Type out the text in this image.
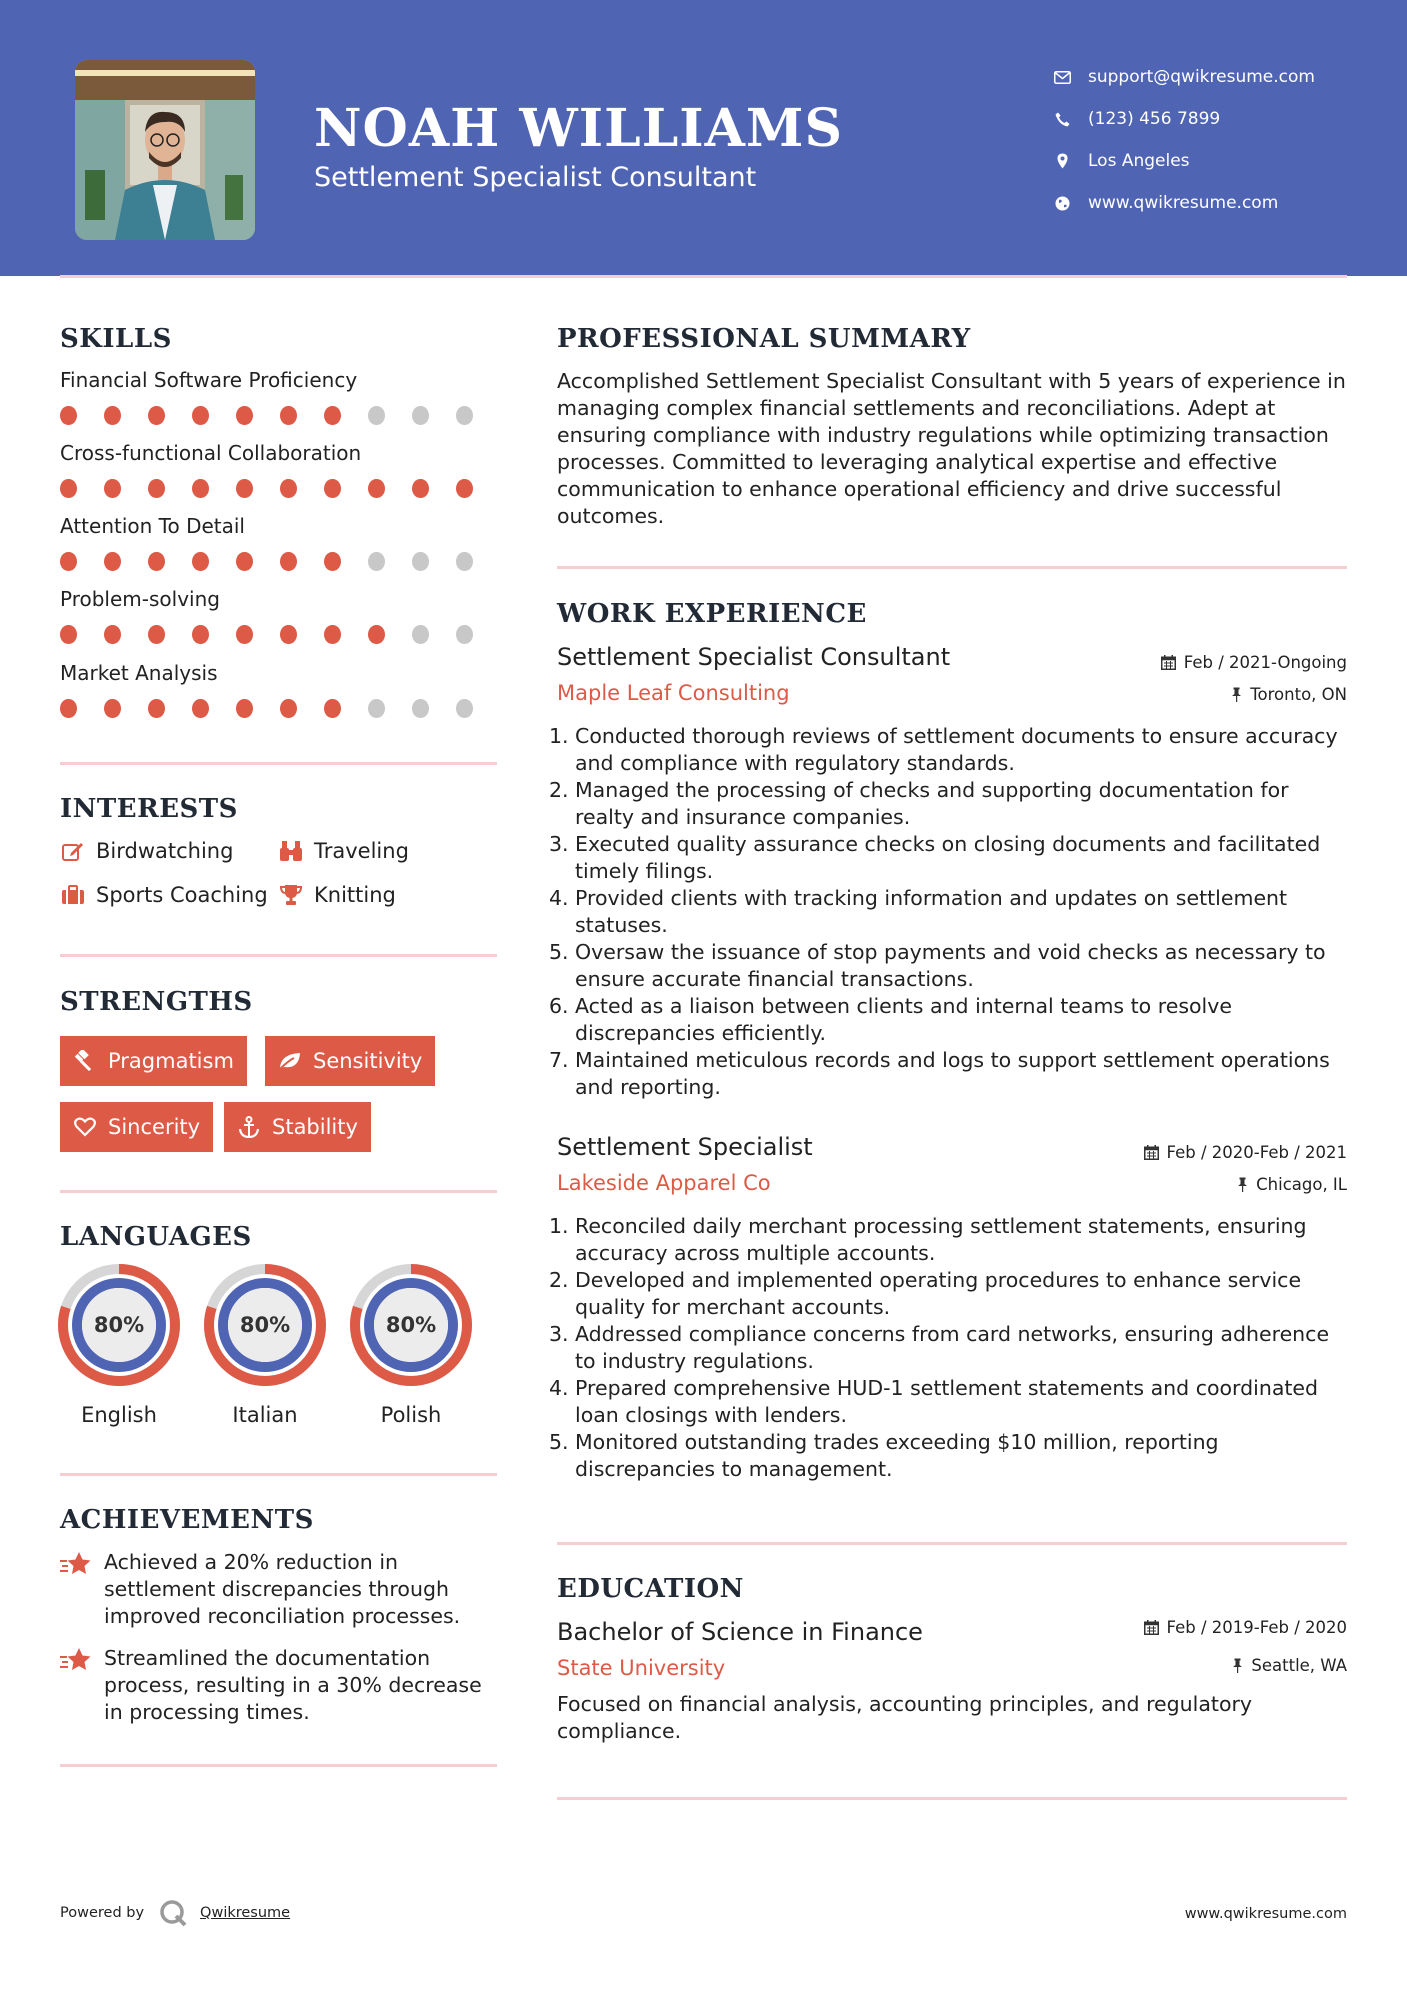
NOAH WILLIAMS
Settlement Specialist Consultant
support@qwikresume.com
(123) 456 7899
Los Angeles
www.qwikresume.com
SKILLS
Financial Software Proficiency
Cross-functional Collaboration
Attention To Detail
Problem-solving
Market Analysis
INTERESTS
Birdwatching	Traveling
Sports Coaching Knitting
STRENGTHS
Pragmatism	Sensitivity
Sincerity	Stability
LANGUAGES
80%
English
80%
Italian
80%
Polish
ACHIEVEMENTS
Achieved a 20% reduction in settlement discrepancies through improved reconciliation processes.
Streamlined the documentation process, resulting in a 30% decrease in processing times.
PROFESSIONAL SUMMARY
Accomplished Settlement Specialist Consultant with 5 years of experience in managing complex financial settlements and reconciliations. Adept at ensuring compliance with industry regulations while optimizing transaction processes. Committed to leveraging analytical expertise and effective communication to enhance operational efficiency and drive successful outcomes.
WORK EXPERIENCE
Settlement Specialist Consultant	Feb / 2021-Ongoing
Maple Leaf Consulting	Toronto, ON
1. Conducted thorough reviews of settlement documents to ensure accuracy and compliance with regulatory standards.
2. Managed the processing of checks and supporting documentation for realty and insurance companies.
3. Executed quality assurance checks on closing documents and facilitated timely filings.
4. Provided clients with tracking information and updates on settlement statuses.
5. Oversaw the issuance of stop payments and void checks as necessary to ensure accurate financial transactions.
6. Acted as a liaison between clients and internal teams to resolve discrepancies efficiently.
7. Maintained meticulous records and logs to support settlement operations and reporting.
Settlement Specialist	Feb / 2020-Feb / 2021
Lakeside Apparel Co	Chicago, IL
1. Reconciled daily merchant processing settlement statements, ensuring accuracy across multiple accounts.
2. Developed and implemented operating procedures to enhance service quality for merchant accounts.
3. Addressed compliance concerns from card networks, ensuring adherence to industry regulations.
4. Prepared comprehensive HUD-1 settlement statements and coordinated loan closings with lenders.
5. Monitored outstanding trades exceeding $10 million, reporting discrepancies to management.
EDUCATION
Bachelor of Science in Finance	Feb / 2019-Feb / 2020
State University	Seattle, WA
Focused on financial analysis, accounting principles, and regulatory compliance.
Powered by	Qwikresume	www.qwikresume.com
